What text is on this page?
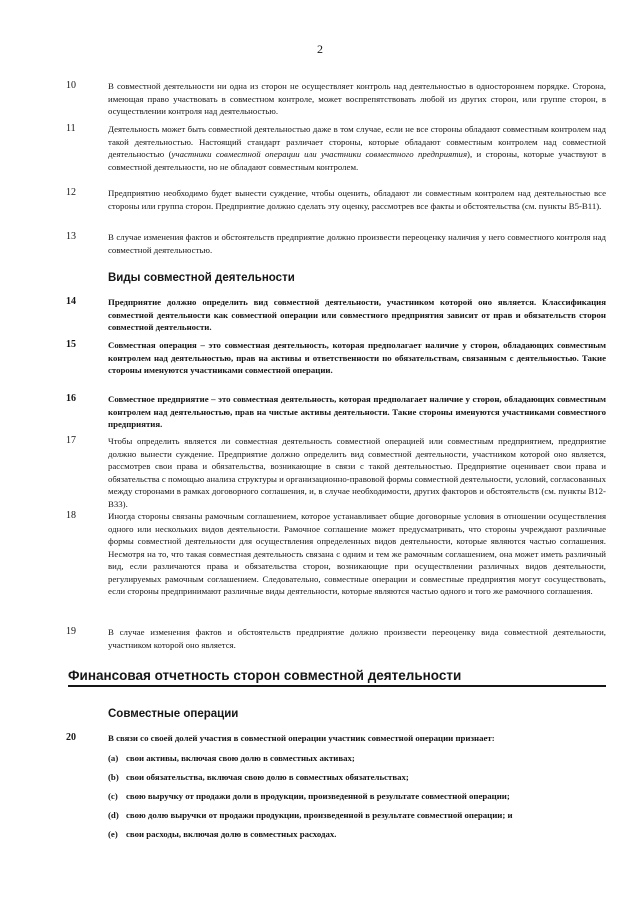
2
10	В совместной деятельности ни одна из сторон не осуществляет контроль над деятельностью в одностороннем порядке. Сторона, имеющая право участвовать в совместном контроле, может воспрепятствовать любой из других сторон, или группе сторон, в осуществлении контроля над деятельностью.

11	Деятельность может быть совместной деятельностью даже в том случае, если не все стороны обладают совместным контролем над такой деятельностью. Настоящий стандарт различает стороны, которые обладают совместным контролем над совместной деятельностью (участники совместной операции или участники совместного предприятия), и стороны, которые участвуют в совместной деятельности, но не обладают совместным контролем.

12	Предприятию необходимо будет вынести суждение, чтобы оценить, обладают ли совместным контролем над деятельностью все стороны или группа сторон. Предприятие должно сделать эту оценку, рассмотрев все факты и обстоятельства (см. пункты B5-B11).

13	В случае изменения фактов и обстоятельств предприятие должно произвести переоценку наличия у него совместного контроля над совместной деятельностью.

Виды совместной деятельности
14	Предприятие должно определить вид совместной деятельности, участником которой оно является. Классификация совместной деятельности как совместной операции или совместного предприятия зависит от прав и обязательств сторон совместной деятельности.

15	Совместная операция – это совместная деятельность, которая предполагает наличие у сторон, обладающих совместным контролем над деятельностью, прав на активы и ответственности по обязательствам, связанным с деятельностью. Такие стороны именуются участниками совместной операции.

16	Совместное предприятие – это совместная деятельность, которая предполагает наличие у сторон, обладающих совместным контролем над деятельностью, прав на чистые активы деятельности. Такие стороны именуются участниками совместного предприятия.

17	Чтобы определить является ли совместная деятельность совместной операцией или совместным предприятием, предприятие должно вынести суждение. Предприятие должно определить вид совместной деятельности, участником которой оно является, рассмотрев свои права и обязательства, возникающие в связи с такой деятельностью. Предприятие оценивает свои права и обязательства с помощью анализа структуры и организационно-правовой формы совместной деятельности, условий, согласованных между сторонами в рамках договорного соглашения, и, в случае необходимости, других факторов и обстоятельств (см. пункты B12-B33).

18	Иногда стороны связаны рамочным соглашением, которое устанавливает общие договорные условия в отношении осуществления одного или нескольких видов деятельности. Рамочное соглашение может предусматривать, что стороны учреждают различные формы совместной деятельности для осуществления определенных видов деятельности, которые являются частью соглашения. Несмотря на то, что такая совместная деятельность связана с одним и тем же рамочным соглашением, она может иметь различный вид, если различаются права и обязательства сторон, возникающие при осуществлении различных видов деятельности, регулируемых рамочным соглашением. Следовательно, совместные операции и совместные предприятия могут сосуществовать, если стороны предпринимают различные виды деятельности, которые являются частью одного и того же рамочного соглашения.

19	В случае изменения фактов и обстоятельств предприятие должно произвести переоценку вида совместной деятельности, участником которой оно является.

Финансовая отчетность сторон совместной деятельности
Совместные операции
20	В связи со своей долей участия в совместной операции участник совместной операции признает:

(a) свои активы, включая свою долю в совместных активах;
(b) свои обязательства, включая свою долю в совместных обязательствах;
(c) свою выручку от продажи доли в продукции, произведенной в результате совместной операции;
(d) свою долю выручки от продажи продукции, произведенной в результате совместной операции; и
(e) свои расходы, включая долю в совместных расходах.
